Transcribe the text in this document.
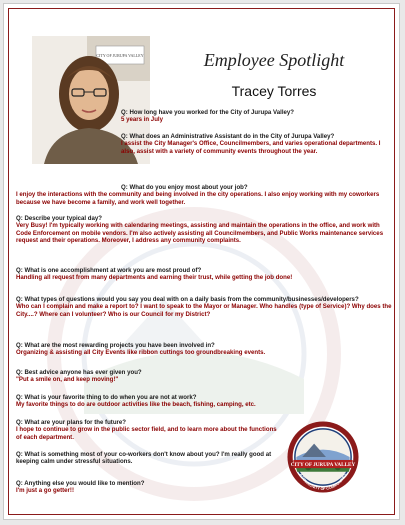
CITY OF JURUPA VALLEY	Employee Spotlight
Tracey Torres
Q: How long have you worked for the City of Jurupa Valley?
5 years in July
Q: What does an Administrative Assistant do in the City of Jurupa Valley?
I assist the City Manager's Office, Councilmembers, and varies operational departments. I also, assist with a variety of community events throughout the year.
Q: What do you enjoy most about your job?
I enjoy the interactions with the community and being involved in the city operations. I also enjoy working with my coworkers because we have become a family, and work well together.
Q: Describe your typical day?
Very Busy! I'm typically working with calendaring meetings, assisting and maintain the operations in the office, and work with Code Enforcement on mobile vendors. I'm also actively assisting all Councilmembers, and Public Works maintenance services request and their operations. Moreover, I address any community complaints.
Q: What is one accomplishment at work you are most proud of?
Handling all request from many departments and earning their trust, while getting the job done!
Q: What types of questions would you say you deal with on a daily basis from the community/businesses/developers?
Who can I complain and make a report to? I want to speak to the Mayor or Manager. Who handles (type of Service)? Why does the City....? Where can I volunteer? Who is our Council for my District?
Q: What are the most rewarding projects you have been involved in?
Organizing & assisting all City Events like ribbon cuttings too groundbreaking events.
Q: Best advice anyone has ever given you?
"Put a smile on, and keep moving!"
Q: What is your favorite thing to do when you are not at work?
My favorite things to do are outdoor activities like the beach, fishing, camping, etc.
Q: What are your plans for the future?
I hope to continue to grow in the public sector field, and to learn more about the functions of each department.
Q: What is something most of your co-workers don't know about you? I'm really good at keeping calm under stressful situations.
Q: Anything else you would like to mention?
I'm just a go getter!!
CITY OF JURUPA VALLEY
A COMMUNITY OF COMMUNITIES
